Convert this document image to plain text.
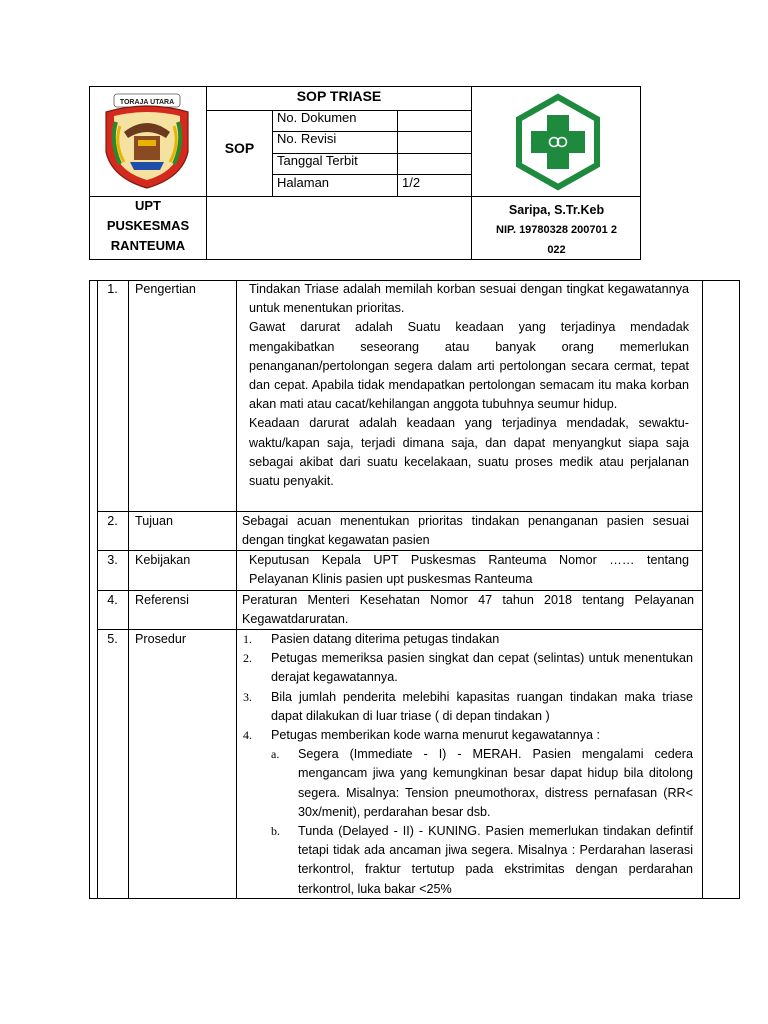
TORAJA UTARA	SOP TRIASE
SOP
No. Dokumen
No. Revisi
Tanggal Terbit
Halaman	1/2
UPT
PUSKESMAS
RANTEUMA
Saripa, S.Tr.Keb
NIP. 19780328 200701 2
022
1.	Pengertian	Tindakan Triase adalah memilah korban sesuai dengan tingkat kegawatannya untuk menentukan prioritas.
Gawat darurat adalah Suatu keadaan yang terjadinya mendadak mengakibatkan seseorang atau banyak orang memerlukan penanganan/pertolongan segera dalam arti pertolongan secara cermat, tepat dan cepat. Apabila tidak mendapatkan pertolongan semacam itu maka korban akan mati atau cacat/kehilangan anggota tubuhnya seumur hidup.
Keadaan darurat adalah keadaan yang terjadinya mendadak, sewaktu-waktu/kapan saja, terjadi dimana saja, dan dapat menyangkut siapa saja sebagai akibat dari suatu kecelakaan, suatu proses medik atau perjalanan suatu penyakit.
2.	Tujuan	Sebagai acuan menentukan prioritas tindakan penanganan pasien sesuai dengan tingkat kegawatan pasien
3.	Kebijakan	Keputusan Kepala UPT Puskesmas Ranteuma Nomor …… tentang Pelayanan Klinis pasien upt puskesmas Ranteuma
4.	Referensi	Peraturan Menteri Kesehatan Nomor 47 tahun 2018 tentang Pelayanan Kegawatdaruratan.
5.	Prosedur	1.	Pasien datang diterima petugas tindakan
2.	Petugas memeriksa pasien singkat dan cepat (selintas) untuk menentukan derajat kegawatannya.
3.	Bila jumlah penderita melebihi kapasitas ruangan tindakan maka triase dapat dilakukan di luar triase ( di depan tindakan )
4.	Petugas memberikan kode warna menurut kegawatannya :
a.	Segera (Immediate - I) - MERAH. Pasien mengalami cedera mengancam jiwa yang kemungkinan besar dapat hidup bila ditolong segera. Misalnya: Tension pneumothorax, distress pernafasan (RR< 30x/menit), perdarahan besar dsb.
b.	Tunda (Delayed - II) - KUNING. Pasien memerlukan tindakan defintif tetapi tidak ada ancaman jiwa segera. Misalnya : Perdarahan laserasi terkontrol, fraktur tertutup pada ekstrimitas dengan perdarahan terkontrol, luka bakar <25%
